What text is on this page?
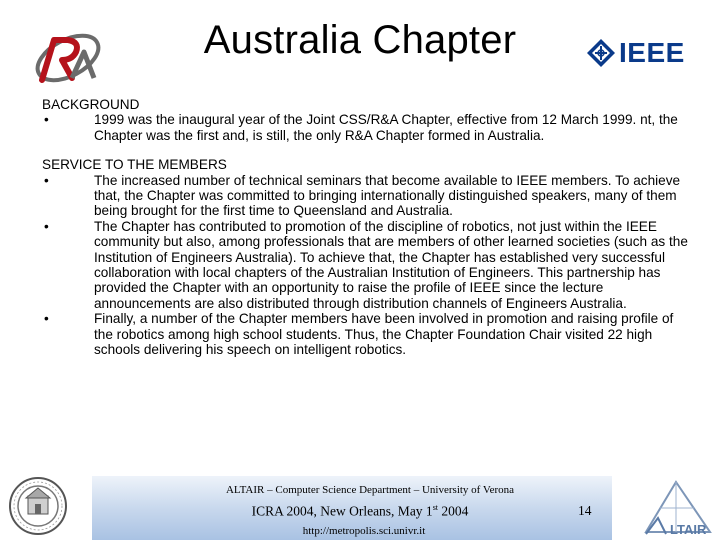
Australia Chapter	IEEE

BACKGROUND

•	1999 was the inaugural year of the Joint CSS/R&A Chapter, effective from 12 March 1999. nt, the Chapter was the first and, is still, the only R&A Chapter formed in Australia.

SERVICE TO THE MEMBERS

•	The increased number of technical seminars that become available to IEEE members. To achieve that, the Chapter was committed to bringing internationally distinguished speakers, many of them being brought for the first time to Queensland and Australia.
•	The Chapter has contributed to promotion of the discipline of robotics, not just within the IEEE community but also, among professionals that are members of other learned societies (such as the Institution of Engineers Australia). To achieve that, the Chapter has established very successful collaboration with local chapters of the Australian Institution of Engineers. This partnership has provided the Chapter with an opportunity to raise the profile of IEEE since the lecture announcements are also distributed through distribution channels of Engineers Australia.
•	Finally, a number of the Chapter members have been involved in promotion and raising profile of the robotics among high school students. Thus, the Chapter Foundation Chair visited 22 high schools delivering his speech on intelligent robotics.
ALTAIR – Computer Science Department – University of Verona
ICRA 2004, New Orleans, May 1st 2004	14
http://metropolis.sci.univr.it	LTAIR
